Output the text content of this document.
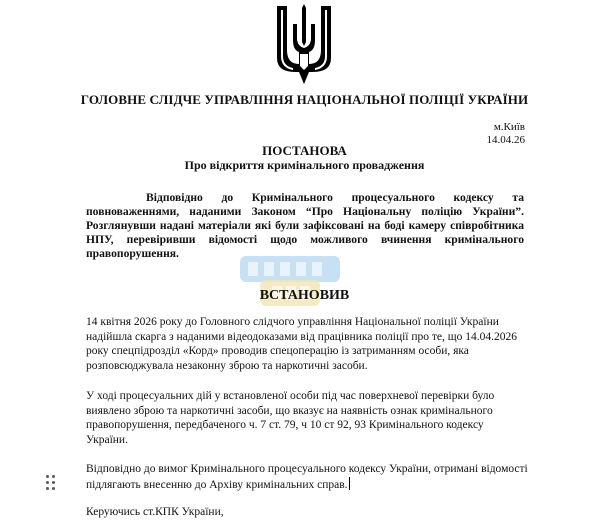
ГОЛОВНЕ СЛІДЧЕ УПРАВЛІННЯ НАЦІОНАЛЬНОЇ ПОЛІЦІЇ УКРАЇНИ
м.Київ
14.04.26
ПОСТАНОВА
Про відкриття кримінального провадження

Відповідно до Кримінального процесуального кодексу та повноваженнями, наданими Законом “Про Національну поліцію України”. Розглянувши надані матеріали які були зафіксовані на боді камеру співробітника НПУ, перевіривши відомості щодо можливого вчинення кримінального правопорушення.

ВСТАНОВИВ

14 квітня 2026 року до Головного слідчого управління Національної поліції України надійшла скарга з наданими відеодоказами від працівника поліції про те, що 14.04.2026 року спецпідрозділ «Корд» проводив спецоперацію із затриманням особи, яка розповсюджувала незаконну зброю та наркотичні засоби.

У ході процесуальних дій у встановленої особи під час поверхневої перевірки було виявлено зброю та наркотичні засоби, що вказує на наявність ознак кримінального правопорушення, передбаченого ч. 7 ст. 79, ч 10 ст 92, 93 Кримінального кодексу України.

Відповідно до вимог Кримінального процесуального кодексу України, отримані відомості підлягають внесенню до Архіву кримінальних справ.

Керуючись ст.КПК України,
